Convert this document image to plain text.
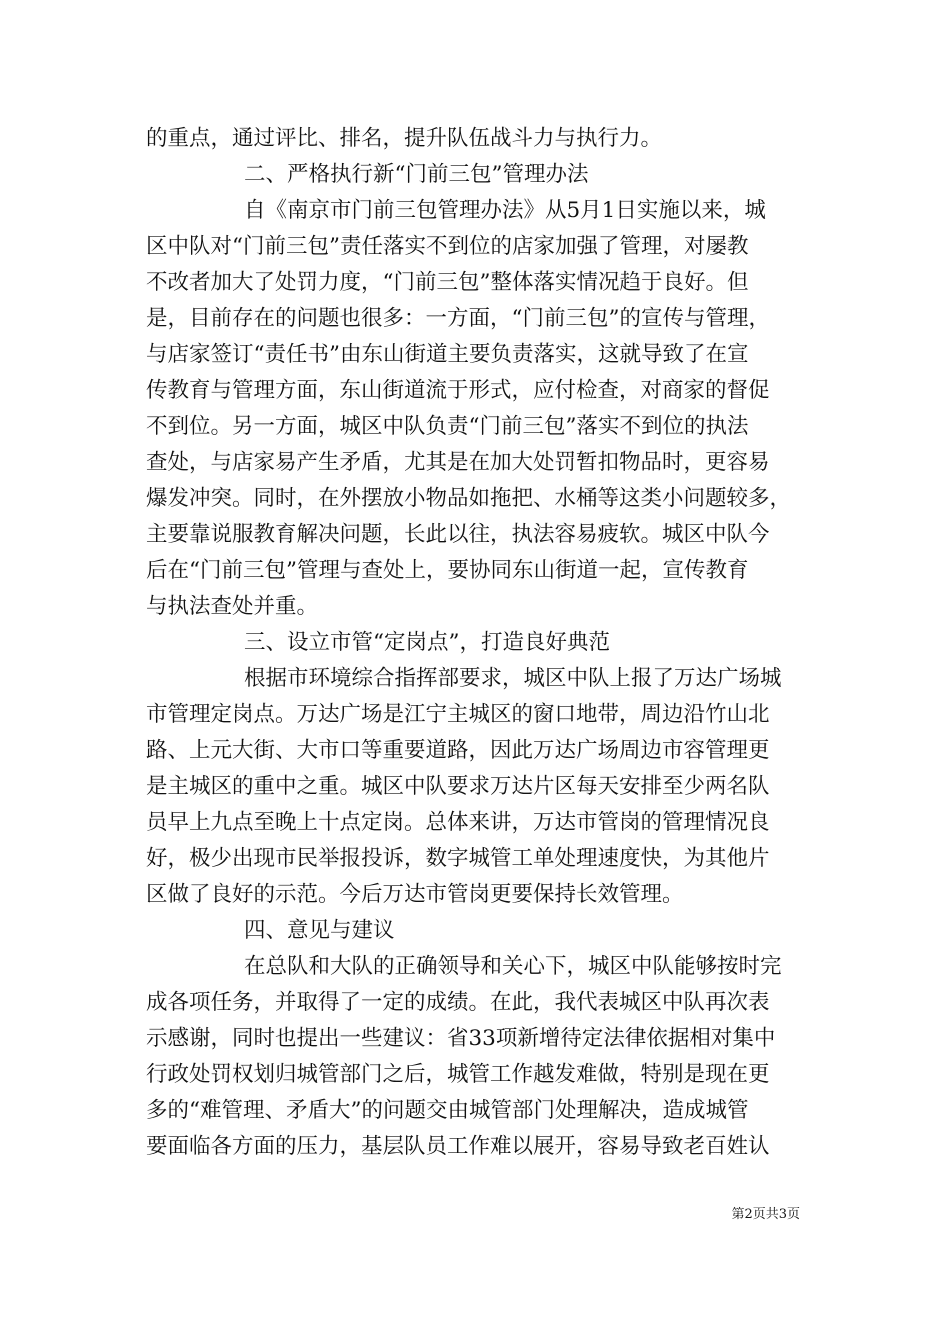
的重点，通过评比、排名，提升队伍战斗力与执行力。
二、严格执行新“门前三包”管理办法
自《南京市门前三包管理办法》从5月1日实施以来，城
区中队对“门前三包”责任落实不到位的店家加强了管理，对屡教
不改者加大了处罚力度，“门前三包”整体落实情况趋于良好。但
是，目前存在的问题也很多：一方面，“门前三包”的宣传与管理，
与店家签订“责任书”由东山街道主要负责落实，这就导致了在宣
传教育与管理方面，东山街道流于形式，应付检查，对商家的督促
不到位。另一方面，城区中队负责“门前三包”落实不到位的执法
查处，与店家易产生矛盾，尤其是在加大处罚暂扣物品时，更容易
爆发冲突。同时，在外摆放小物品如拖把、水桶等这类小问题较多，
主要靠说服教育解决问题，长此以往，执法容易疲软。城区中队今
后在“门前三包”管理与查处上，要协同东山街道一起，宣传教育
与执法查处并重。
三、设立市管“定岗点”，打造良好典范
根据市环境综合指挥部要求，城区中队上报了万达广场城
市管理定岗点。万达广场是江宁主城区的窗口地带，周边沿竹山北
路、上元大街、大市口等重要道路，因此万达广场周边市容管理更
是主城区的重中之重。城区中队要求万达片区每天安排至少两名队
员早上九点至晚上十点定岗。总体来讲，万达市管岗的管理情况良
好，极少出现市民举报投诉，数字城管工单处理速度快，为其他片
区做了良好的示范。今后万达市管岗更要保持长效管理。
四、意见与建议
在总队和大队的正确领导和关心下，城区中队能够按时完
成各项任务，并取得了一定的成绩。在此，我代表城区中队再次表
示感谢，同时也提出一些建议：省33项新增待定法律依据相对集中
行政处罚权划归城管部门之后，城管工作越发难做，特别是现在更
多的“难管理、矛盾大”的问题交由城管部门处理解决，造成城管
要面临各方面的压力，基层队员工作难以展开，容易导致老百姓认
第2页共3页
